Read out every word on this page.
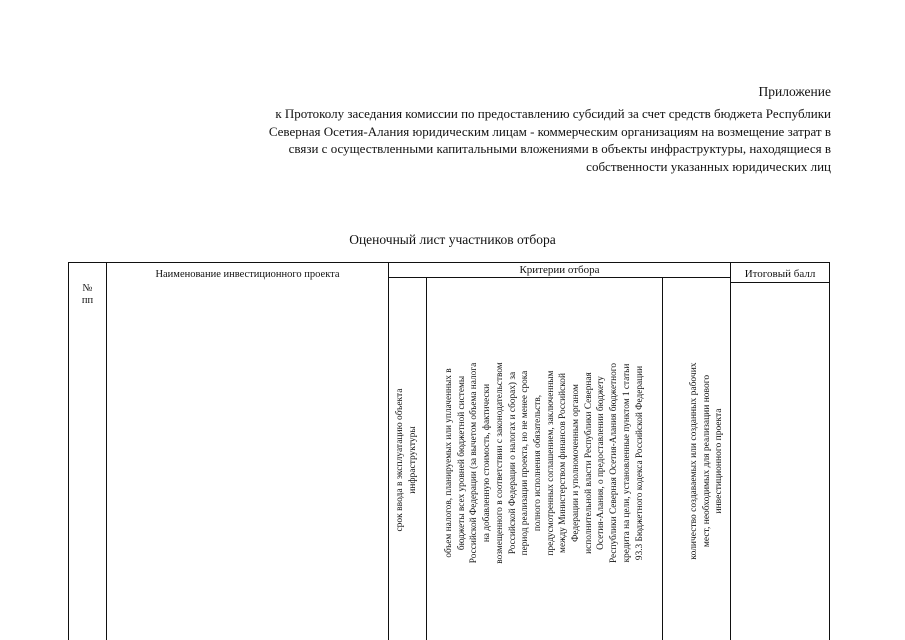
Приложение
к Протоколу заседания комиссии по предоставлению субсидий за счет средств бюджета Республики
Северная Осетия-Алания юридическим лицам - коммерческим организациям на возмещение затрат в
связи с осуществленными капитальными вложениями в объекты инфраструктуры, находящиеся в
собственности указанных юридических лиц
Оценочный лист участников отбора
№
пп
Наименование инвестиционного проекта	Критерии отбора	Итоговый балл
срок ввода в эксплуатацию объекта инфраструктуры	объем налогов, планируемых или уплаченных в бюджеты всех уровней бюджетной системы Российской Федерации (за вычетом объема налога на добавленную стоимость, фактически возмещенного в соответствии с законодательством Российской Федерации о налогах и сборах) за период реализации проекта, но не менее срока полного исполнения обязательств, предусмотренных соглашением, заключенным между Министерством финансов Российской Федерации и уполномоченным органом исполнительной власти Республики Северная Осетия-Алания, о предоставлении бюджету Республики Северная Осетия-Алания бюджетного кредита на цели, установленные пунктом 1 статьи 93.3 Бюджетного кодекса Российской Федерации	количество создаваемых или созданных рабочих мест, необходимых для реализации нового инвестиционного проекта
